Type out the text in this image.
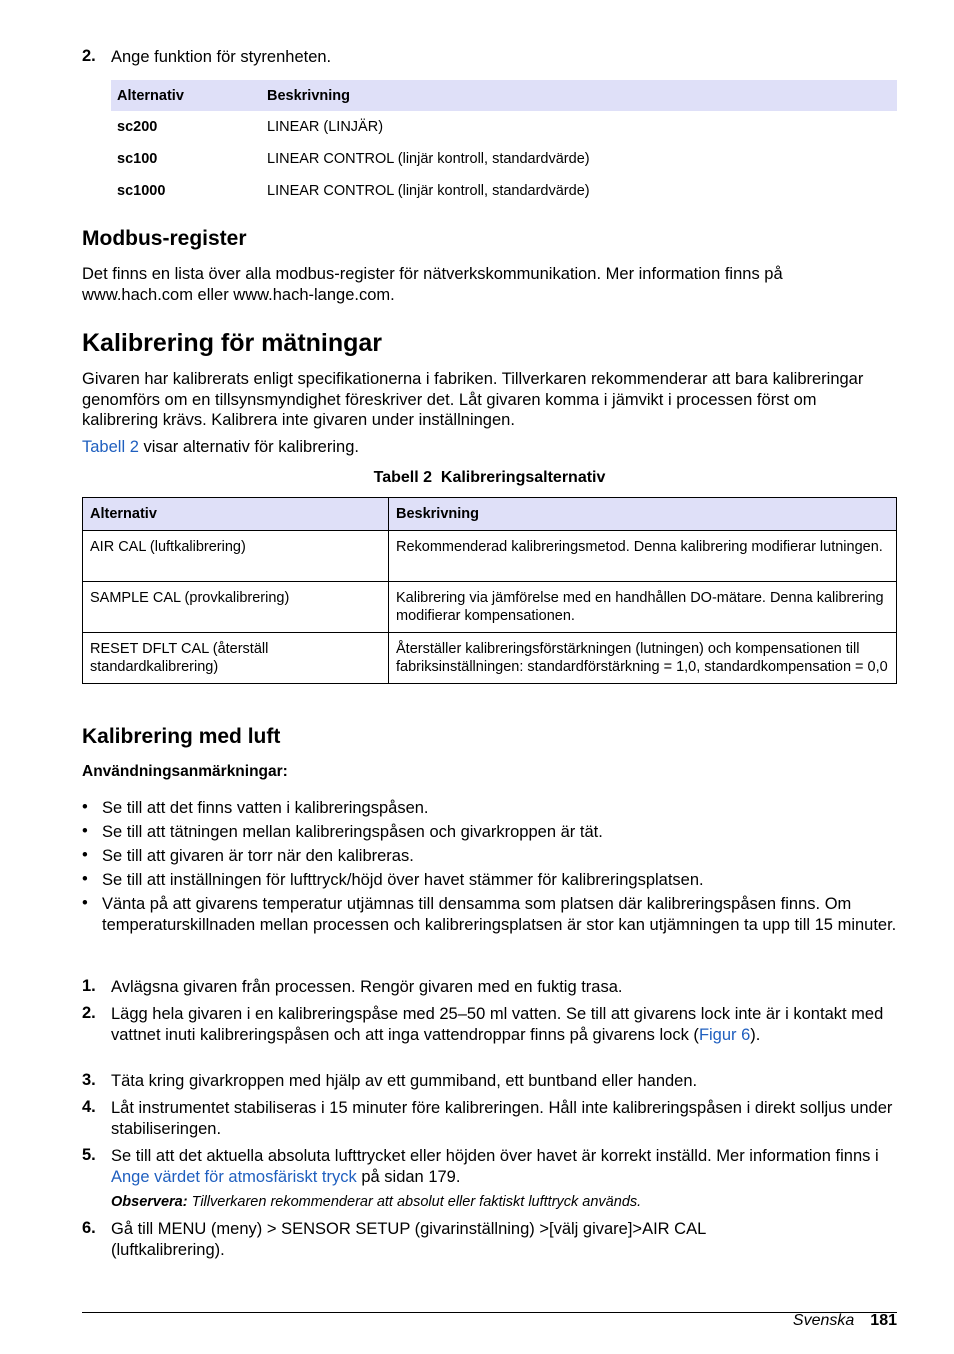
2. Ange funktion för styrenheten.
Alternativ	Beskrivning
sc200	LINEAR (LINJÄR)
sc100	LINEAR CONTROL (linjär kontroll, standardvärde)
sc1000	LINEAR CONTROL (linjär kontroll, standardvärde)
Modbus-register
Det finns en lista över alla modbus-register för nätverkskommunikation. Mer information finns på www.hach.com eller www.hach-lange.com.
Kalibrering för mätningar
Givaren har kalibrerats enligt specifikationerna i fabriken. Tillverkaren rekommenderar att bara kalibreringar genomförs om en tillsynsmyndighet föreskriver det. Låt givaren komma i jämvikt i processen först om kalibrering krävs. Kalibrera inte givaren under inställningen.
Tabell 2 visar alternativ för kalibrering.
Tabell 2  Kalibreringsalternativ
Alternativ	Beskrivning
AIR CAL (luftkalibrering)	Rekommenderad kalibreringsmetod. Denna kalibrering modifierar lutningen.
SAMPLE CAL (provkalibrering)	Kalibrering via jämförelse med en handhållen DO-mätare. Denna kalibrering modifierar kompensationen.
RESET DFLT CAL (återställ standardkalibrering)	Återställer kalibreringsförstärkningen (lutningen) och kompensationen till fabriksinställningen: standardförstärkning = 1,0, standardkompensation = 0,0
Kalibrering med luft
Användningsanmärkningar:
• Se till att det finns vatten i kalibreringspåsen.
• Se till att tätningen mellan kalibreringspåsen och givarkroppen är tät.
• Se till att givaren är torr när den kalibreras.
• Se till att inställningen för lufttryck/höjd över havet stämmer för kalibreringsplatsen.
• Vänta på att givarens temperatur utjämnas till densamma som platsen där kalibreringspåsen finns. Om temperaturskillnaden mellan processen och kalibreringsplatsen är stor kan utjämningen ta upp till 15 minuter.
1. Avlägsna givaren från processen. Rengör givaren med en fuktig trasa.
2. Lägg hela givaren i en kalibreringspåse med 25–50 ml vatten. Se till att givarens lock inte är i kontakt med vattnet inuti kalibreringspåsen och att inga vattendroppar finns på givarens lock (Figur 6).
3. Täta kring givarkroppen med hjälp av ett gummiband, ett buntband eller handen.
4. Låt instrumentet stabiliseras i 15 minuter före kalibreringen. Håll inte kalibreringspåsen i direkt solljus under stabiliseringen.
5. Se till att det aktuella absoluta lufttrycket eller höjden över havet är korrekt inställd. Mer information finns i Ange värdet för atmosfäriskt tryck på sidan 179.
Observera: Tillverkaren rekommenderar att absolut eller faktiskt lufttryck används.
6. Gå till MENU (meny) > SENSOR SETUP (givarinställning) >[välj givare]>AIR CAL (luftkalibrering).
Svenska 181
